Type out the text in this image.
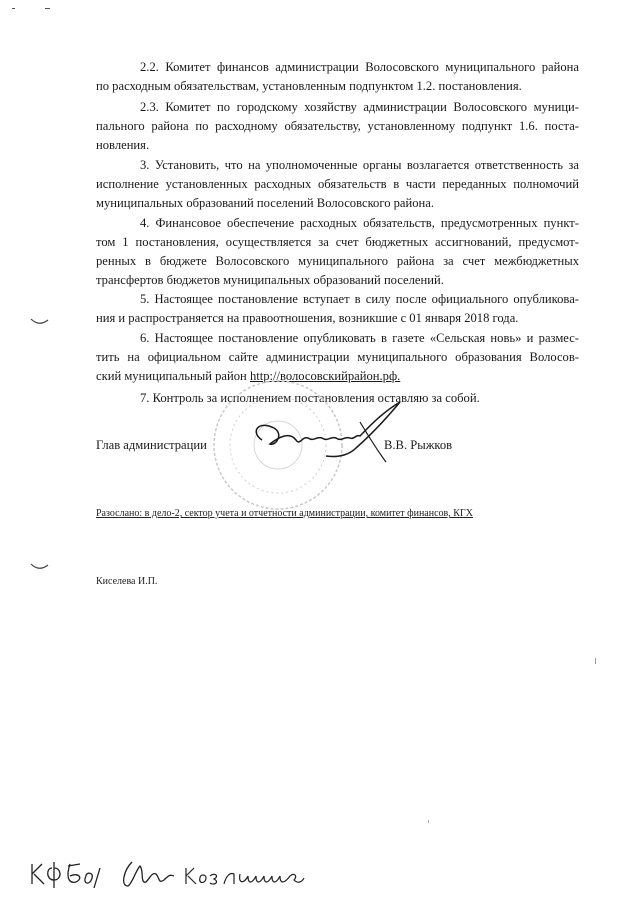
2.2. Комитет финансов администрации Волосовского муниципального района
по расходным обязательствам, установленным подпунктом 1.2. постановления.
2.3. Комитет по городскому хозяйству администрации Волосовского муници-
пального района по расходному обязательству, установленному подпункт 1.6. поста-
новления.
3. Установить, что на уполномоченные органы возлагается ответственность за
исполнение установленных расходных обязательств в части переданных полномочий
муниципальных образований поселений Волосовского района.
4. Финансовое обеспечение расходных обязательств, предусмотренных пункт-
том 1 постановления, осуществляется за счет бюджетных ассигнований, предусмот-
ренных в бюджете Волосовского муниципального района за счет межбюджетных
трансфертов бюджетов муниципальных образований поселений.
5. Настоящее постановление вступает в силу после официального опубликова-
ния и распространяется на правоотношения, возникшие с 01 января 2018 года.
6. Настоящее постановление опубликовать в газете «Сельская новь» и размес-
тить на официальном сайте администрации муниципального образования Волосов-
ский муниципальный район http://волосовскийрайон.рф.
7. Контроль за исполнением постановления оставляю за собой.
Глав администрации	В.В. Рыжков
Разослано: в дело-2, сектор учета и отчетности администрации, комитет финансов, КГХ
Киселева И.П.
